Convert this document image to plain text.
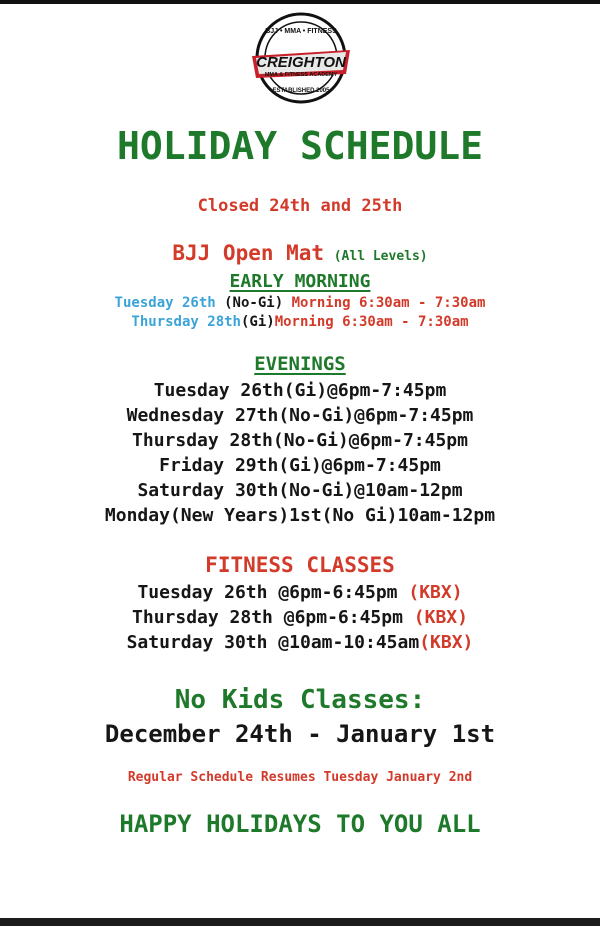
BJJ • MMA • FITNESS
CREIGHTON
MMA & FITNESS ACADEMY
ESTABLISHED 2005
HOLIDAY SCHEDULE
Closed 24th and 25th
BJJ Open Mat (All Levels)
EARLY MORNING
Tuesday 26th (No-Gi) Morning 6:30am - 7:30am
Thursday 28th(Gi)Morning 6:30am - 7:30am
EVENINGS
Tuesday 26th(Gi)@6pm-7:45pm
Wednesday 27th(No-Gi)@6pm-7:45pm
Thursday 28th(No-Gi)@6pm-7:45pm
Friday 29th(Gi)@6pm-7:45pm
Saturday 30th(No-Gi)@10am-12pm
Monday(New Years)1st(No Gi)10am-12pm
FITNESS CLASSES
Tuesday 26th @6pm-6:45pm (KBX)
Thursday 28th @6pm-6:45pm (KBX)
Saturday 30th @10am-10:45am(KBX)
No Kids Classes:
December 24th - January 1st
Regular Schedule Resumes Tuesday January 2nd
HAPPY HOLIDAYS TO YOU ALL
